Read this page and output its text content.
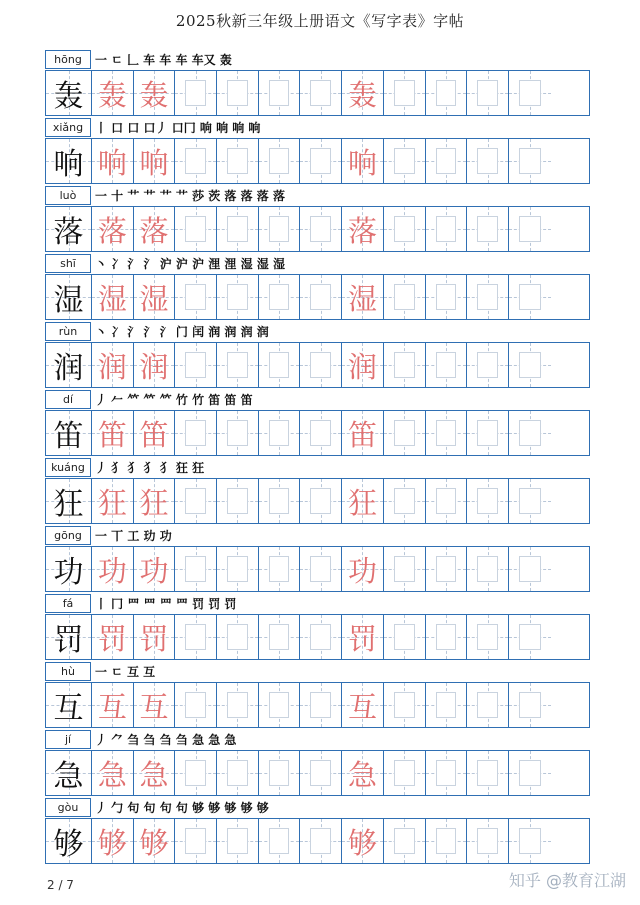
2025秋新三年级上册语文《写字表》字帖
hōng	一 ㄷ 𠃊 车 车 车 车又 轰
轰 轰 轰	轰
xiǎng 丨 口 口 口丿 口冂 响 响 响 响
响 响 响	响
luò	一 十 艹 艹 艹 艹 莎 茨 落 落 落 落
落 落 落	落
shī	丶 冫 氵 氵 沪 沪 沪 浬 浬 湿 湿 湿
湿 湿 湿	湿
rùn	丶 冫 氵 氵 氵 门 闰 润 润 润 润
润 润 润	润
dí	丿 𠂉 𥫗 𥫗 𥫗 竹 竹 笛 笛 笛
笛 笛 笛	笛
kuáng 丿 犭 犭 犭 犭 狂 狂
狂 狂 狂	狂
gōng	一 丅 工 玏 功
功 功 功	功
fá	丨 冂 罒 罒 罒 罒 罚 罚 罚
罚 罚 罚	罚
hù	一 ㄷ 互 互
互 互 互	互
jí	丿 ⺈ 刍 刍 刍 刍 急 急 急
急 急 急	急
gòu	丿 勹 句 句 句 句 够 够 够 够 够
够 够 够	够
2 / 7	知乎 @教育江湖
